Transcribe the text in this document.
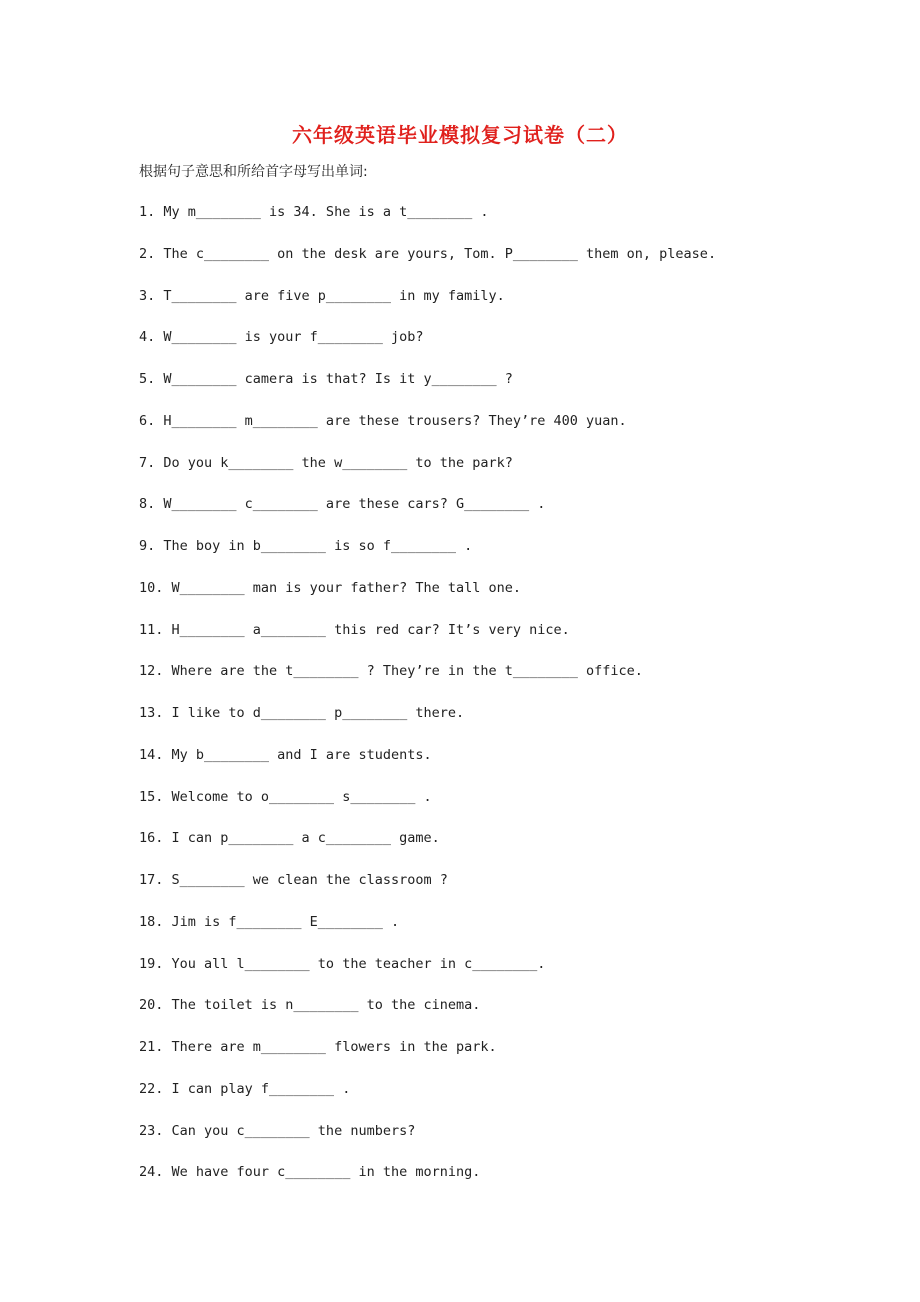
六年级英语毕业模拟复习试卷（二）
根据句子意思和所给首字母写出单词:
1. My m________ is 34. She is a t________ .
2. The c________ on the desk are yours, Tom. P________ them on, please.
3. T________ are five p________ in my family.
4. W________ is your f________ job?
5. W________ camera is that? Is it y________ ?
6. H________ m________ are these trousers? They’re 400 yuan.
7. Do you k________ the w________ to the park?
8. W________ c________ are these cars? G________ .
9. The boy in b________ is so f________ .
10. W________ man is your father? The tall one.
11. H________ a________ this red car? It’s very nice.
12. Where are the t________ ? They’re in the t________ office.
13. I like to d________ p________ there.
14. My b________ and I are students.
15. Welcome to o________ s________ .
16. I can p________ a c________ game.
17. S________ we clean the classroom ?
18. Jim is f________ E________ .
19. You all l________ to the teacher in c________.
20. The toilet is n________ to the cinema.
21. There are m________ flowers in the park.
22. I can play f________ .
23. Can you c________ the numbers?
24. We have four c________ in the morning.
